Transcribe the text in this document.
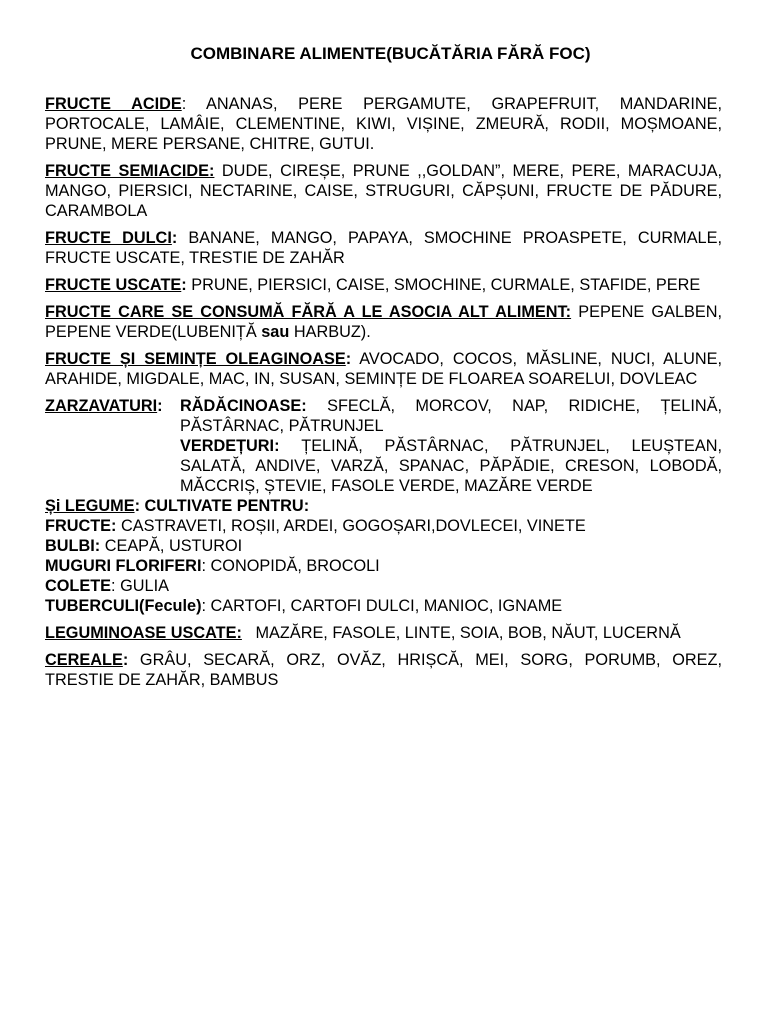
COMBINARE ALIMENTE(BUCĂTĂRIA FĂRĂ FOC)
FRUCTE ACIDE: ANANAS, PERE PERGAMUTE, GRAPEFRUIT, MANDARINE, PORTOCALE, LAMÂIE, CLEMENTINE, KIWI, VIȘINE, ZMEURĂ, RODII, MOȘMOANE, PRUNE, MERE PERSANE, CHITRE, GUTUI.
FRUCTE SEMIACIDE: DUDE, CIREȘE, PRUNE ,,GOLDAN”, MERE, PERE, MARACUJA, MANGO, PIERSICI, NECTARINE, CAISE, STRUGURI, CĂPȘUNI, FRUCTE DE PĂDURE, CARAMBOLA
FRUCTE DULCI: BANANE, MANGO, PAPAYA, SMOCHINE PROASPETE, CURMALE, FRUCTE USCATE, TRESTIE DE ZAHĂR
FRUCTE USCATE: PRUNE, PIERSICI, CAISE, SMOCHINE, CURMALE, STAFIDE, PERE
FRUCTE CARE SE CONSUMĂ FĂRĂ A LE ASOCIA ALT ALIMENT: PEPENE GALBEN, PEPENE VERDE(LUBENIȚĂ sau HARBUZ).
FRUCTE ȘI SEMINȚE OLEAGINOASE: AVOCADO, COCOS, MĂSLINE, NUCI, ALUNE, ARAHIDE, MIGDALE, MAC, IN, SUSAN, SEMINȚE DE FLOAREA SOARELUI, DOVLEAC
ZARZAVATURI: RĂDĂCINOASE: SFECLĂ, MORCOV, NAP, RIDICHE, ȚELINĂ, PĂSTÂRNAC, PĂTRUNJEL
VERDEȚURI: ȚELINĂ, PĂSTÂRNAC, PĂTRUNJEL, LEUȘTEAN, SALATĂ, ANDIVE, VARZĂ, SPANAC, PĂPĂDIE, CRESON, LOBODĂ, MĂCCRIȘ, ȘTEVIE, FASOLE VERDE, MAZĂRE VERDE
Și LEGUME: CULTIVATE PENTRU:
FRUCTE: CASTRAVETI, ROȘII, ARDEI, GOGOȘARI,DOVLECEI, VINETE
BULBI: CEAPĂ, USTUROI
MUGURI FLORIFERI: CONOPIDĂ, BROCOLI
COLETE: GULIA
TUBERCULI(Fecule): CARTOFI, CARTOFI DULCI, MANIOC, IGNAME
LEGUMINOASE USCATE:   MAZĂRE, FASOLE, LINTE, SOIA, BOB, NĂUT, LUCERNĂ
CEREALE: GRÂU, SECARĂ, ORZ, OVĂZ, HRIȘCĂ, MEI, SORG, PORUMB, OREZ, TRESTIE DE ZAHĂR, BAMBUS
